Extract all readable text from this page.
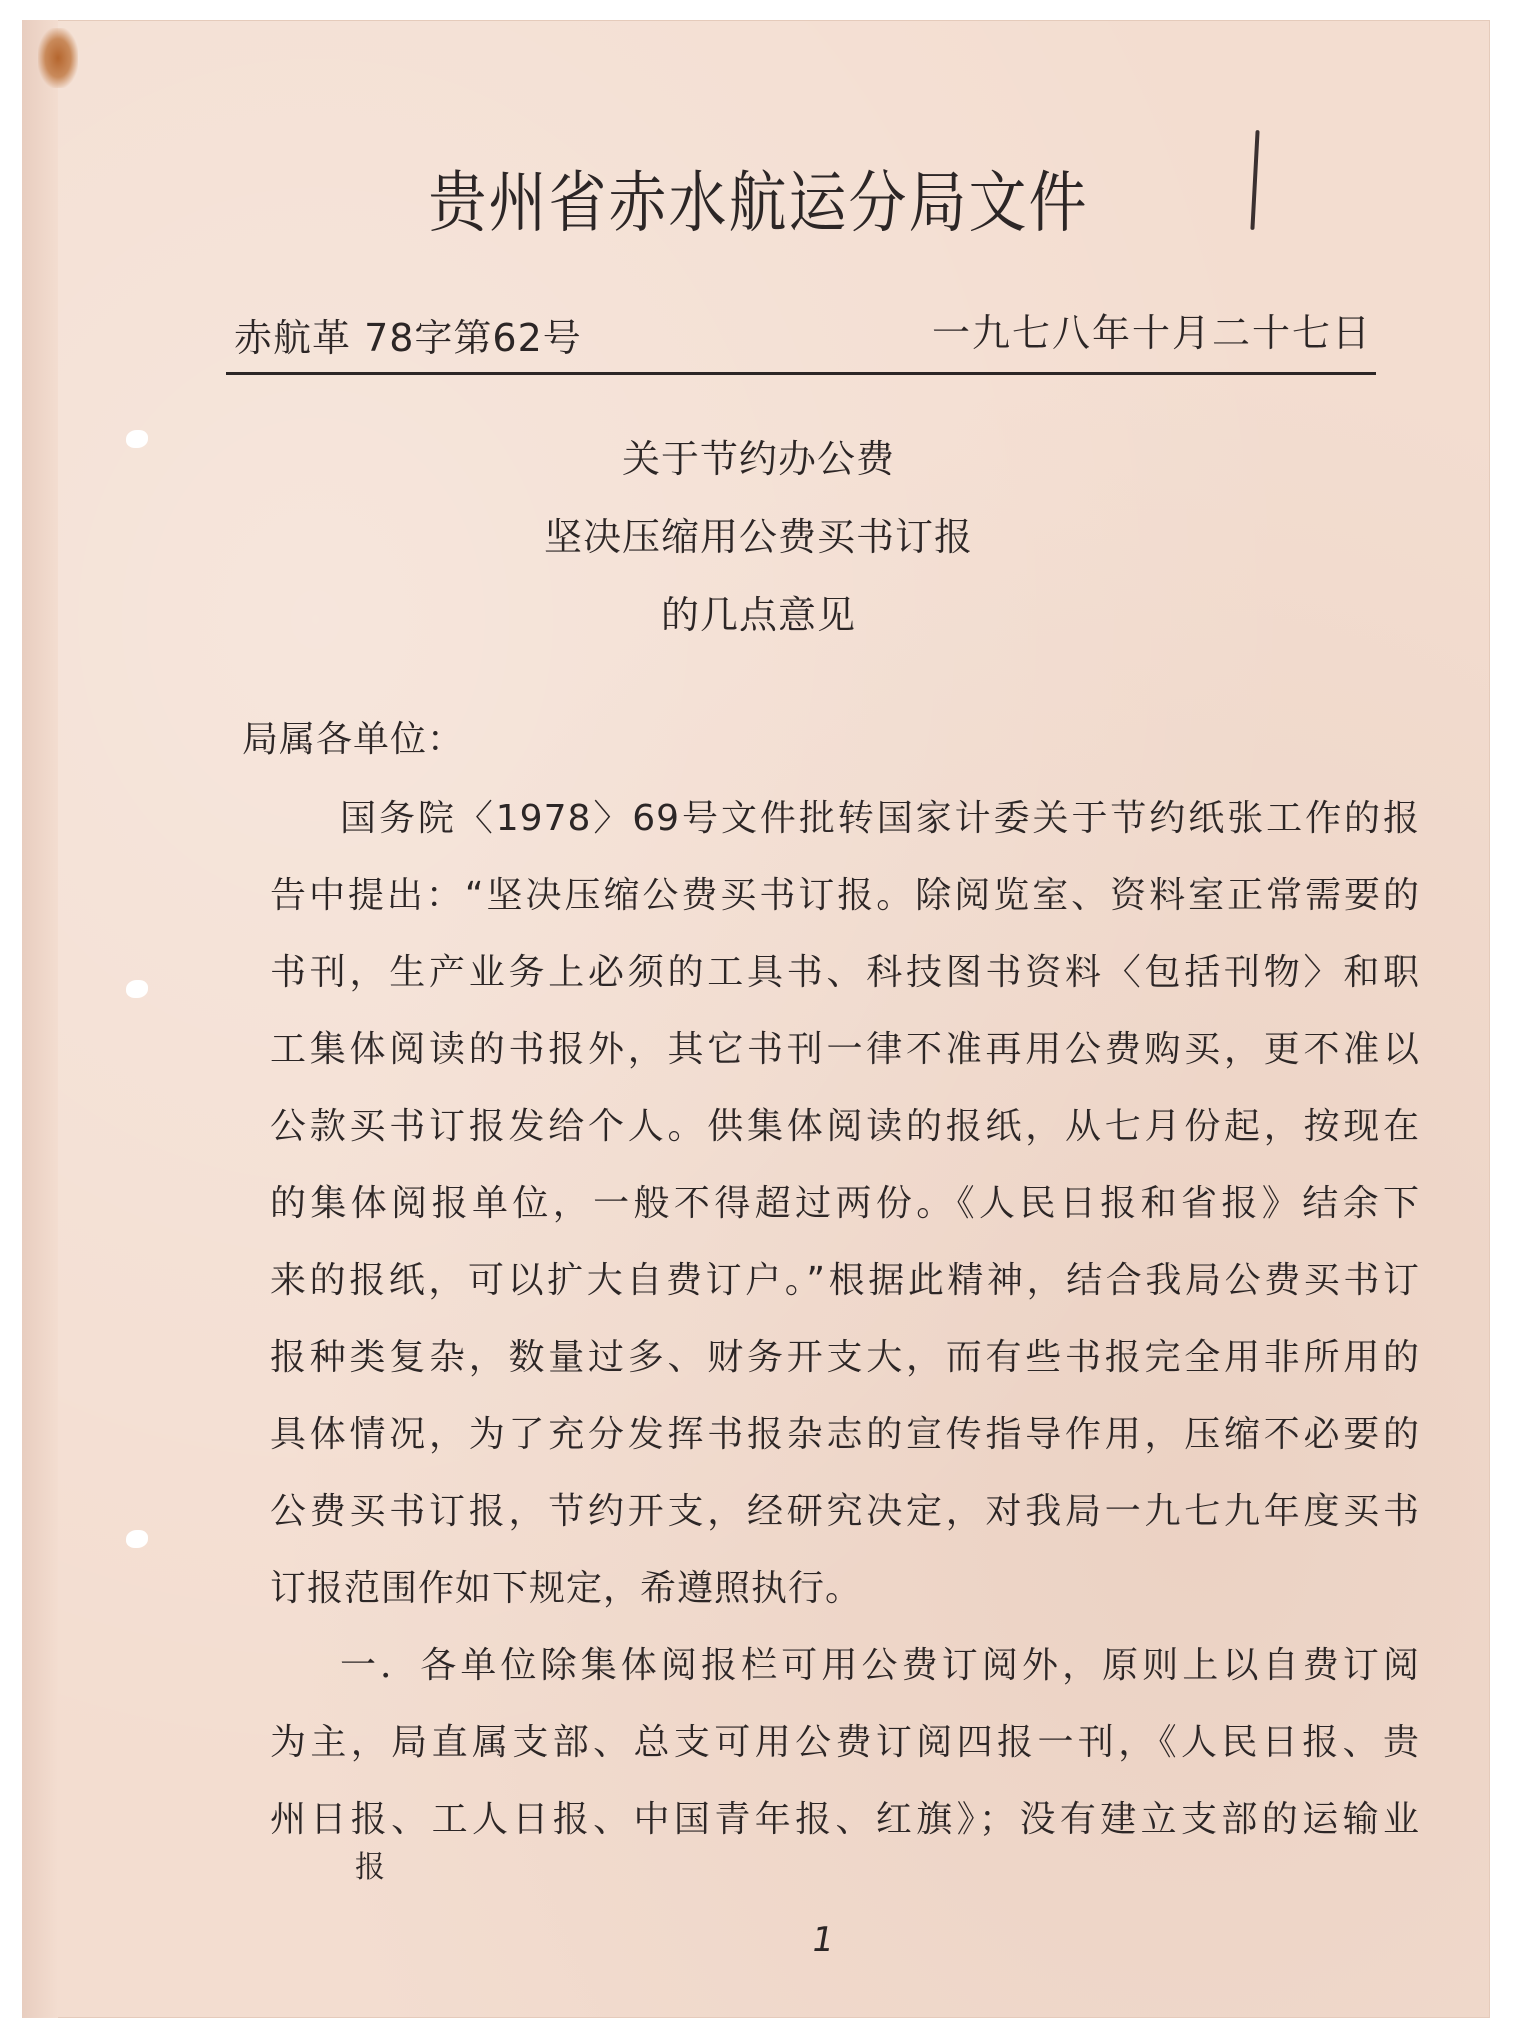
贵州省赤水航运分局文件
赤航革 78字第62号	一九七八年十月二十七日
关于节约办公费
坚决压缩用公费买书订报
的几点意见
局属各单位：
国务院〈1978〉69号文件批转国家计委关于节约纸张工作的报
告中提出：“坚决压缩公费买书订报。除阅览室、资料室正常需要的
书刊，生产业务上必须的工具书、科技图书资料〈包括刊物〉和职
工集体阅读的书报外，其它书刊一律不准再用公费购买，更不准以
公款买书订报发给个人。供集体阅读的报纸，从七月份起，按现在
的集体阅报单位，一般不得超过两份。《人民日报和省报》结余下
来的报纸，可以扩大自费订户。”根据此精神，结合我局公费买书订
报种类复杂，数量过多、财务开支大，而有些书报完全用非所用的
具体情况，为了充分发挥书报杂志的宣传指导作用，压缩不必要的
公费买书订报，节约开支，经研究决定，对我局一九七九年度买书
订报范围作如下规定，希遵照执行。
一．各单位除集体阅报栏可用公费订阅外，原则上以自费订阅
为主，局直属支部、总支可用公费订阅四报一刊，《人民日报、贵
州日报、工人日报、中国青年报、红旗》；没有建立支部的运输业
报
1
